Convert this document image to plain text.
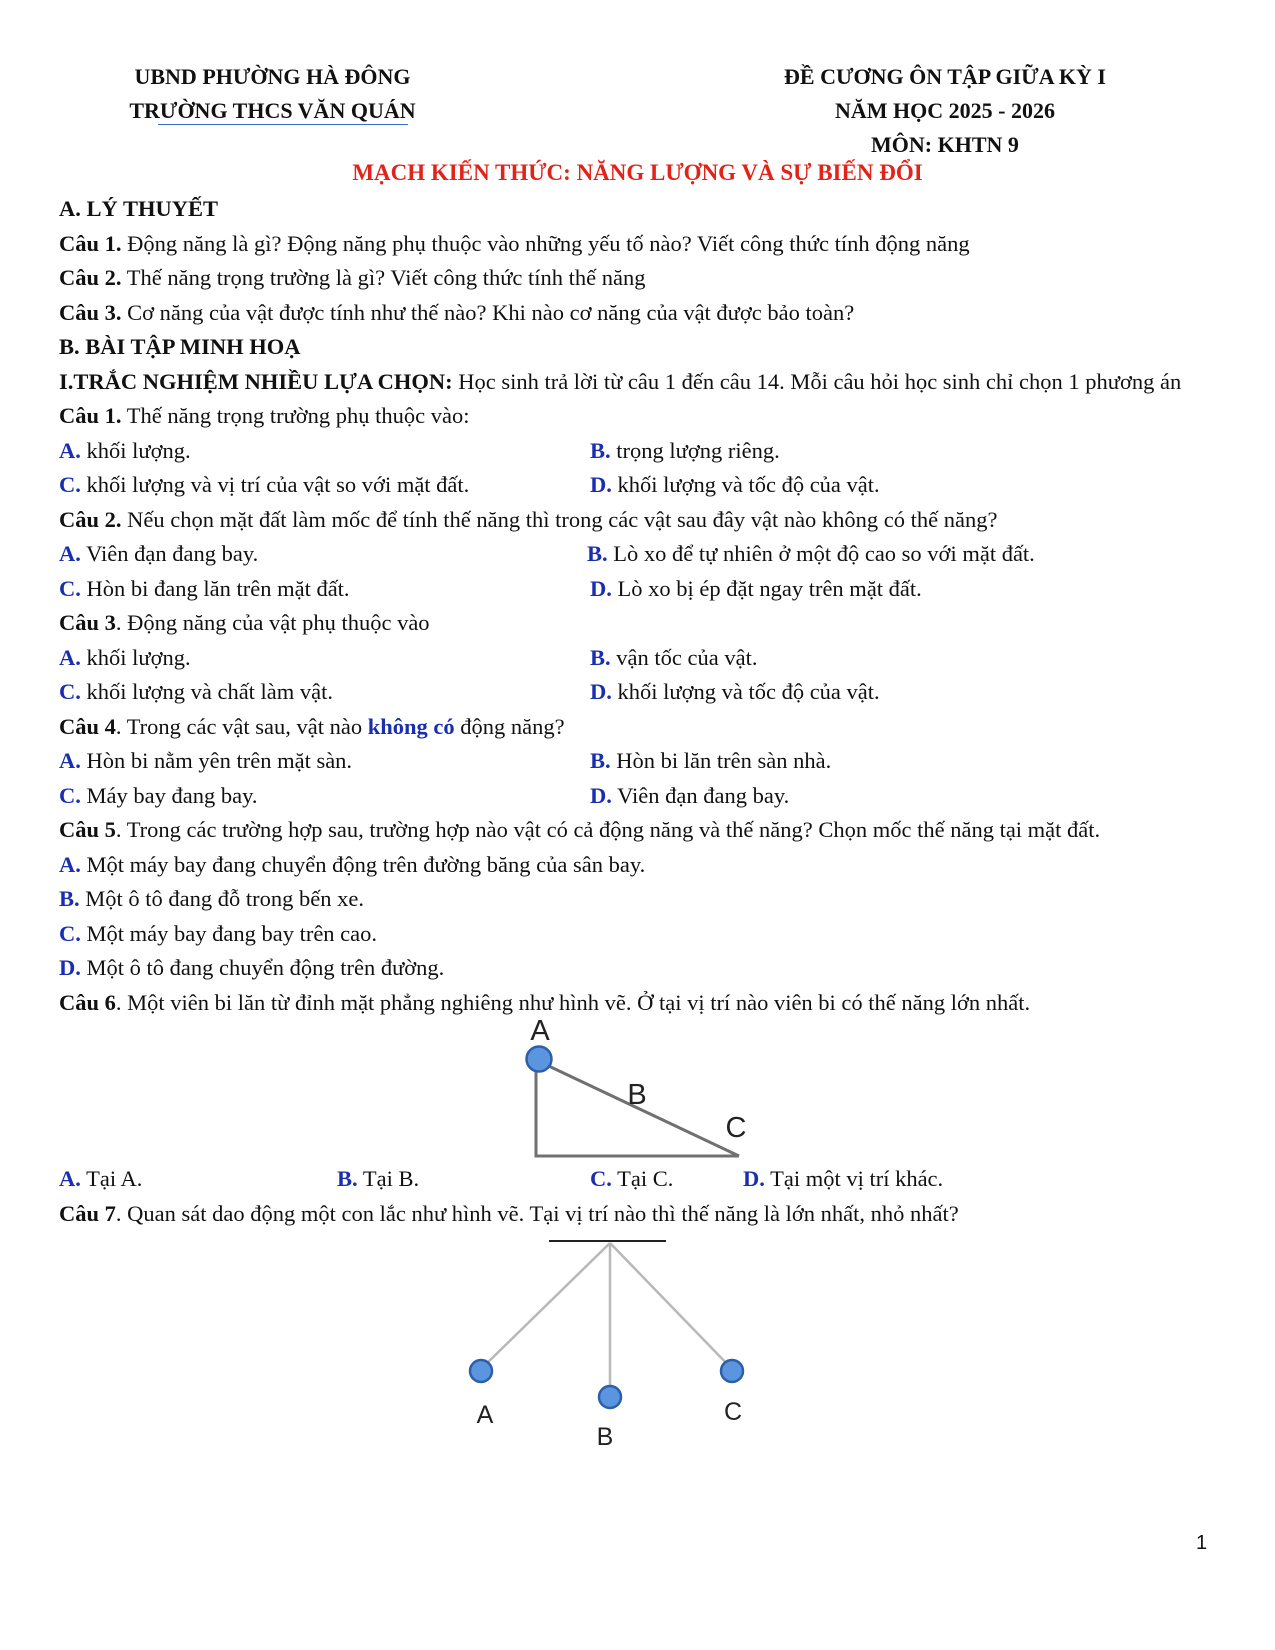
UBND PHƯỜNG HÀ ĐÔNG
TRƯỜNG THCS VĂN QUÁN
ĐỀ CƯƠNG ÔN TẬP GIỮA KỲ I
NĂM HỌC 2025 - 2026
MÔN: KHTN 9
MẠCH KIẾN THỨC: NĂNG LƯỢNG VÀ SỰ BIẾN ĐỔI
A. LÝ THUYẾT
Câu 1. Động năng là gì? Động năng phụ thuộc vào những yếu tố nào? Viết công thức tính động năng
Câu 2. Thế năng trọng trường là gì? Viết công thức tính thế năng
Câu 3. Cơ năng của vật được tính như thế nào? Khi nào cơ năng của vật được bảo toàn?
B. BÀI TẬP MINH HOẠ
I.TRẮC NGHIỆM NHIỀU LỰA CHỌN: Học sinh trả lời từ câu 1 đến câu 14. Mỗi câu hỏi học sinh chỉ chọn 1 phương án
Câu 1. Thế năng trọng trường phụ thuộc vào:
A. khối lượng.	B. trọng lượng riêng.
C. khối lượng và vị trí của vật so với mặt đất.	D. khối lượng và tốc độ của vật.
Câu 2. Nếu chọn mặt đất làm mốc để tính thế năng thì trong các vật sau đây vật nào không có thế năng?
A. Viên đạn đang bay.	B. Lò xo để tự nhiên ở một độ cao so với mặt đất.
C. Hòn bi đang lăn trên mặt đất.	D. Lò xo bị ép đặt ngay trên mặt đất.
Câu 3. Động năng của vật phụ thuộc vào
A. khối lượng.	B. vận tốc của vật.
C. khối lượng và chất làm vật.	D. khối lượng và tốc độ của vật.
Câu 4. Trong các vật sau, vật nào không có động năng?
A. Hòn bi nằm yên trên mặt sàn.	B. Hòn bi lăn trên sàn nhà.
C. Máy bay đang bay.	D. Viên đạn đang bay.
Câu 5. Trong các trường hợp sau, trường hợp nào vật có cả động năng và thế năng? Chọn mốc thế năng tại mặt đất.
A. Một máy bay đang chuyển động trên đường băng của sân bay.
B. Một ô tô đang đỗ trong bến xe.
C. Một máy bay đang bay trên cao.
D. Một ô tô đang chuyển động trên đường.
Câu 6. Một viên bi lăn từ đỉnh mặt phẳng nghiêng như hình vẽ. Ở tại vị trí nào viên bi có thế năng lớn nhất.
A
B
C
A. Tại A.	B. Tại B.	C. Tại C.	D. Tại một vị trí khác.
Câu 7. Quan sát dao động một con lắc như hình vẽ. Tại vị trí nào thì thế năng là lớn nhất, nhỏ nhất?
A
B
C
1
